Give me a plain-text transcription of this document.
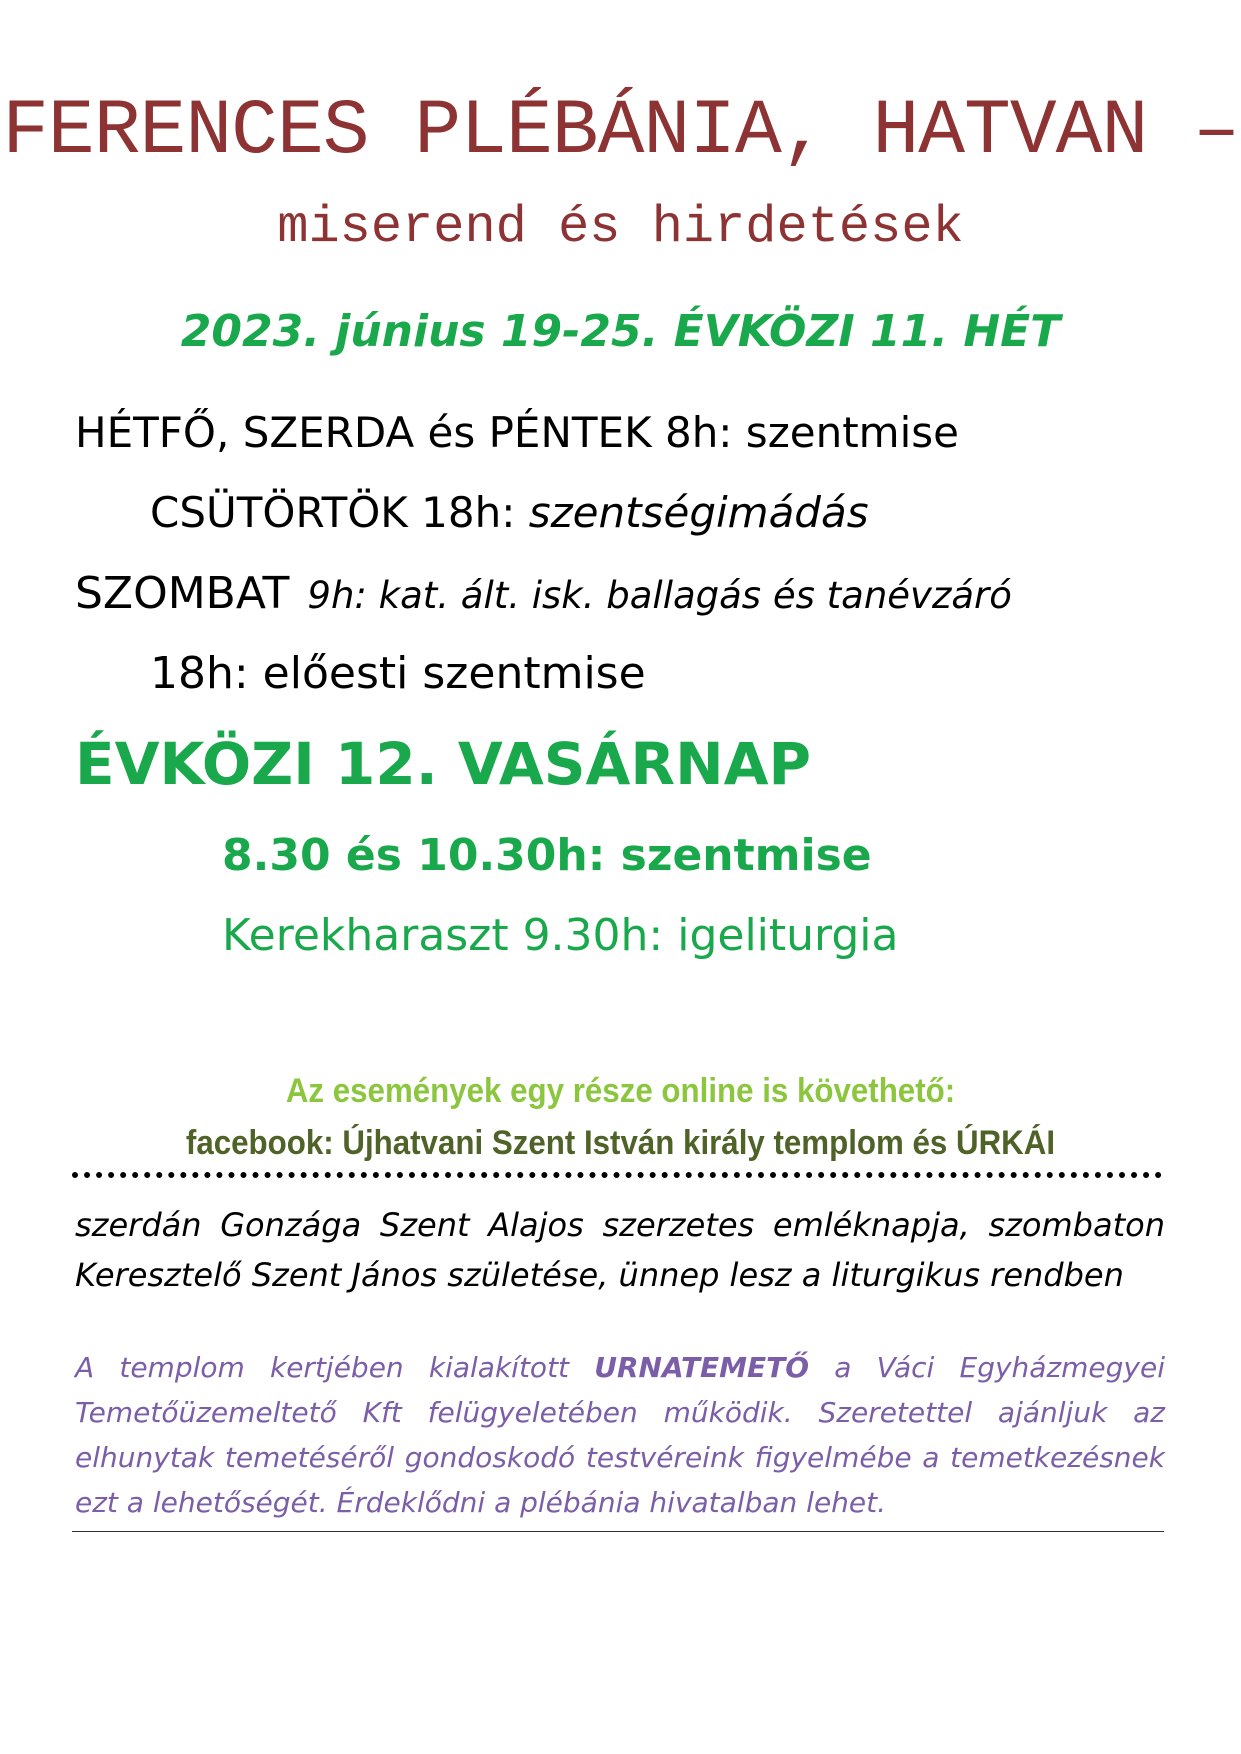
FERENCES PLÉBÁNIA, HATVAN –
miserend és hirdetések
2023. június 19-25. ÉVKÖZI 11. HÉT
HÉTFŐ, SZERDA és PÉNTEK 8h: szentmise
CSÜTÖRTÖK 18h: szentségimádás
SZOMBAT 9h: kat. ált. isk. ballagás és tanévzáró
18h: előesti szentmise
ÉVKÖZI 12. VASÁRNAP
8.30 és 10.30h: szentmise
Kerekharaszt 9.30h: igeliturgia
Az események egy része online is követhető:
facebook: Újhatvani Szent István király templom és ÚRKÁI
szerdán Gonzága Szent Alajos szerzetes emléknapja, szombaton Keresztelő Szent János születése, ünnep lesz a liturgikus rendben
A templom kertjében kialakított URNATEMETŐ a Váci Egyházmegyei Temetőüzemeltető Kft felügyeletében működik. Szeretettel ajánljuk az elhunytak temetéséről gondoskodó testvéreink figyelmébe a temetkezésnek ezt a lehetőségét. Érdeklődni a plébánia hivatalban lehet.
